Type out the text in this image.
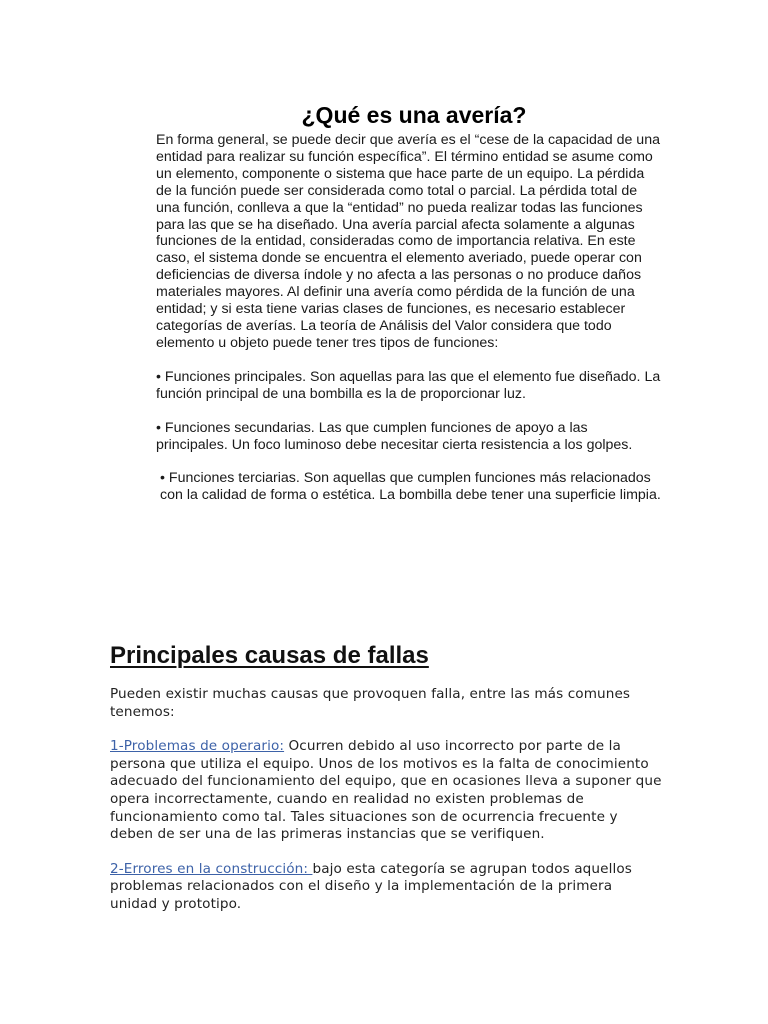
¿Qué es una avería?

En forma general, se puede decir que avería es el “cese de la capacidad de una entidad para realizar su función específica”. El término entidad se asume como un elemento, componente o sistema que hace parte de un equipo. La pérdida de la función puede ser considerada como total o parcial. La pérdida total de una función, conlleva a que la “entidad” no pueda realizar todas las funciones para las que se ha diseñado. Una avería parcial afecta solamente a algunas funciones de la entidad, consideradas como de importancia relativa. En este caso, el sistema donde se encuentra el elemento averiado, puede operar con deficiencias de diversa índole y no afecta a las personas o no produce daños materiales mayores. Al definir una avería como pérdida de la función de una entidad; y si esta tiene varias clases de funciones, es necesario establecer categorías de averías. La teoría de Análisis del Valor considera que todo elemento u objeto puede tener tres tipos de funciones:

• Funciones principales. Son aquellas para las que el elemento fue diseñado. La función principal de una bombilla es la de proporcionar luz.

• Funciones secundarias. Las que cumplen funciones de apoyo a las principales. Un foco luminoso debe necesitar cierta resistencia a los golpes.

• Funciones terciarias. Son aquellas que cumplen funciones más relacionados con la calidad de forma o estética. La bombilla debe tener una superficie limpia.

Principales causas de fallas

Pueden existir muchas causas que provoquen falla, entre las más comunes tenemos:

1-Problemas de operario: Ocurren debido al uso incorrecto por parte de la persona que utiliza el equipo. Unos de los motivos es la falta de conocimiento adecuado del funcionamiento del equipo, que en ocasiones lleva a suponer que opera incorrectamente, cuando en realidad no existen problemas de funcionamiento como tal. Tales situaciones son de ocurrencia frecuente y deben de ser una de las primeras instancias que se verifiquen.

2-Errores en la construcción: bajo esta categoría se agrupan todos aquellos problemas relacionados con el diseño y la implementación de la primera unidad y prototipo.
